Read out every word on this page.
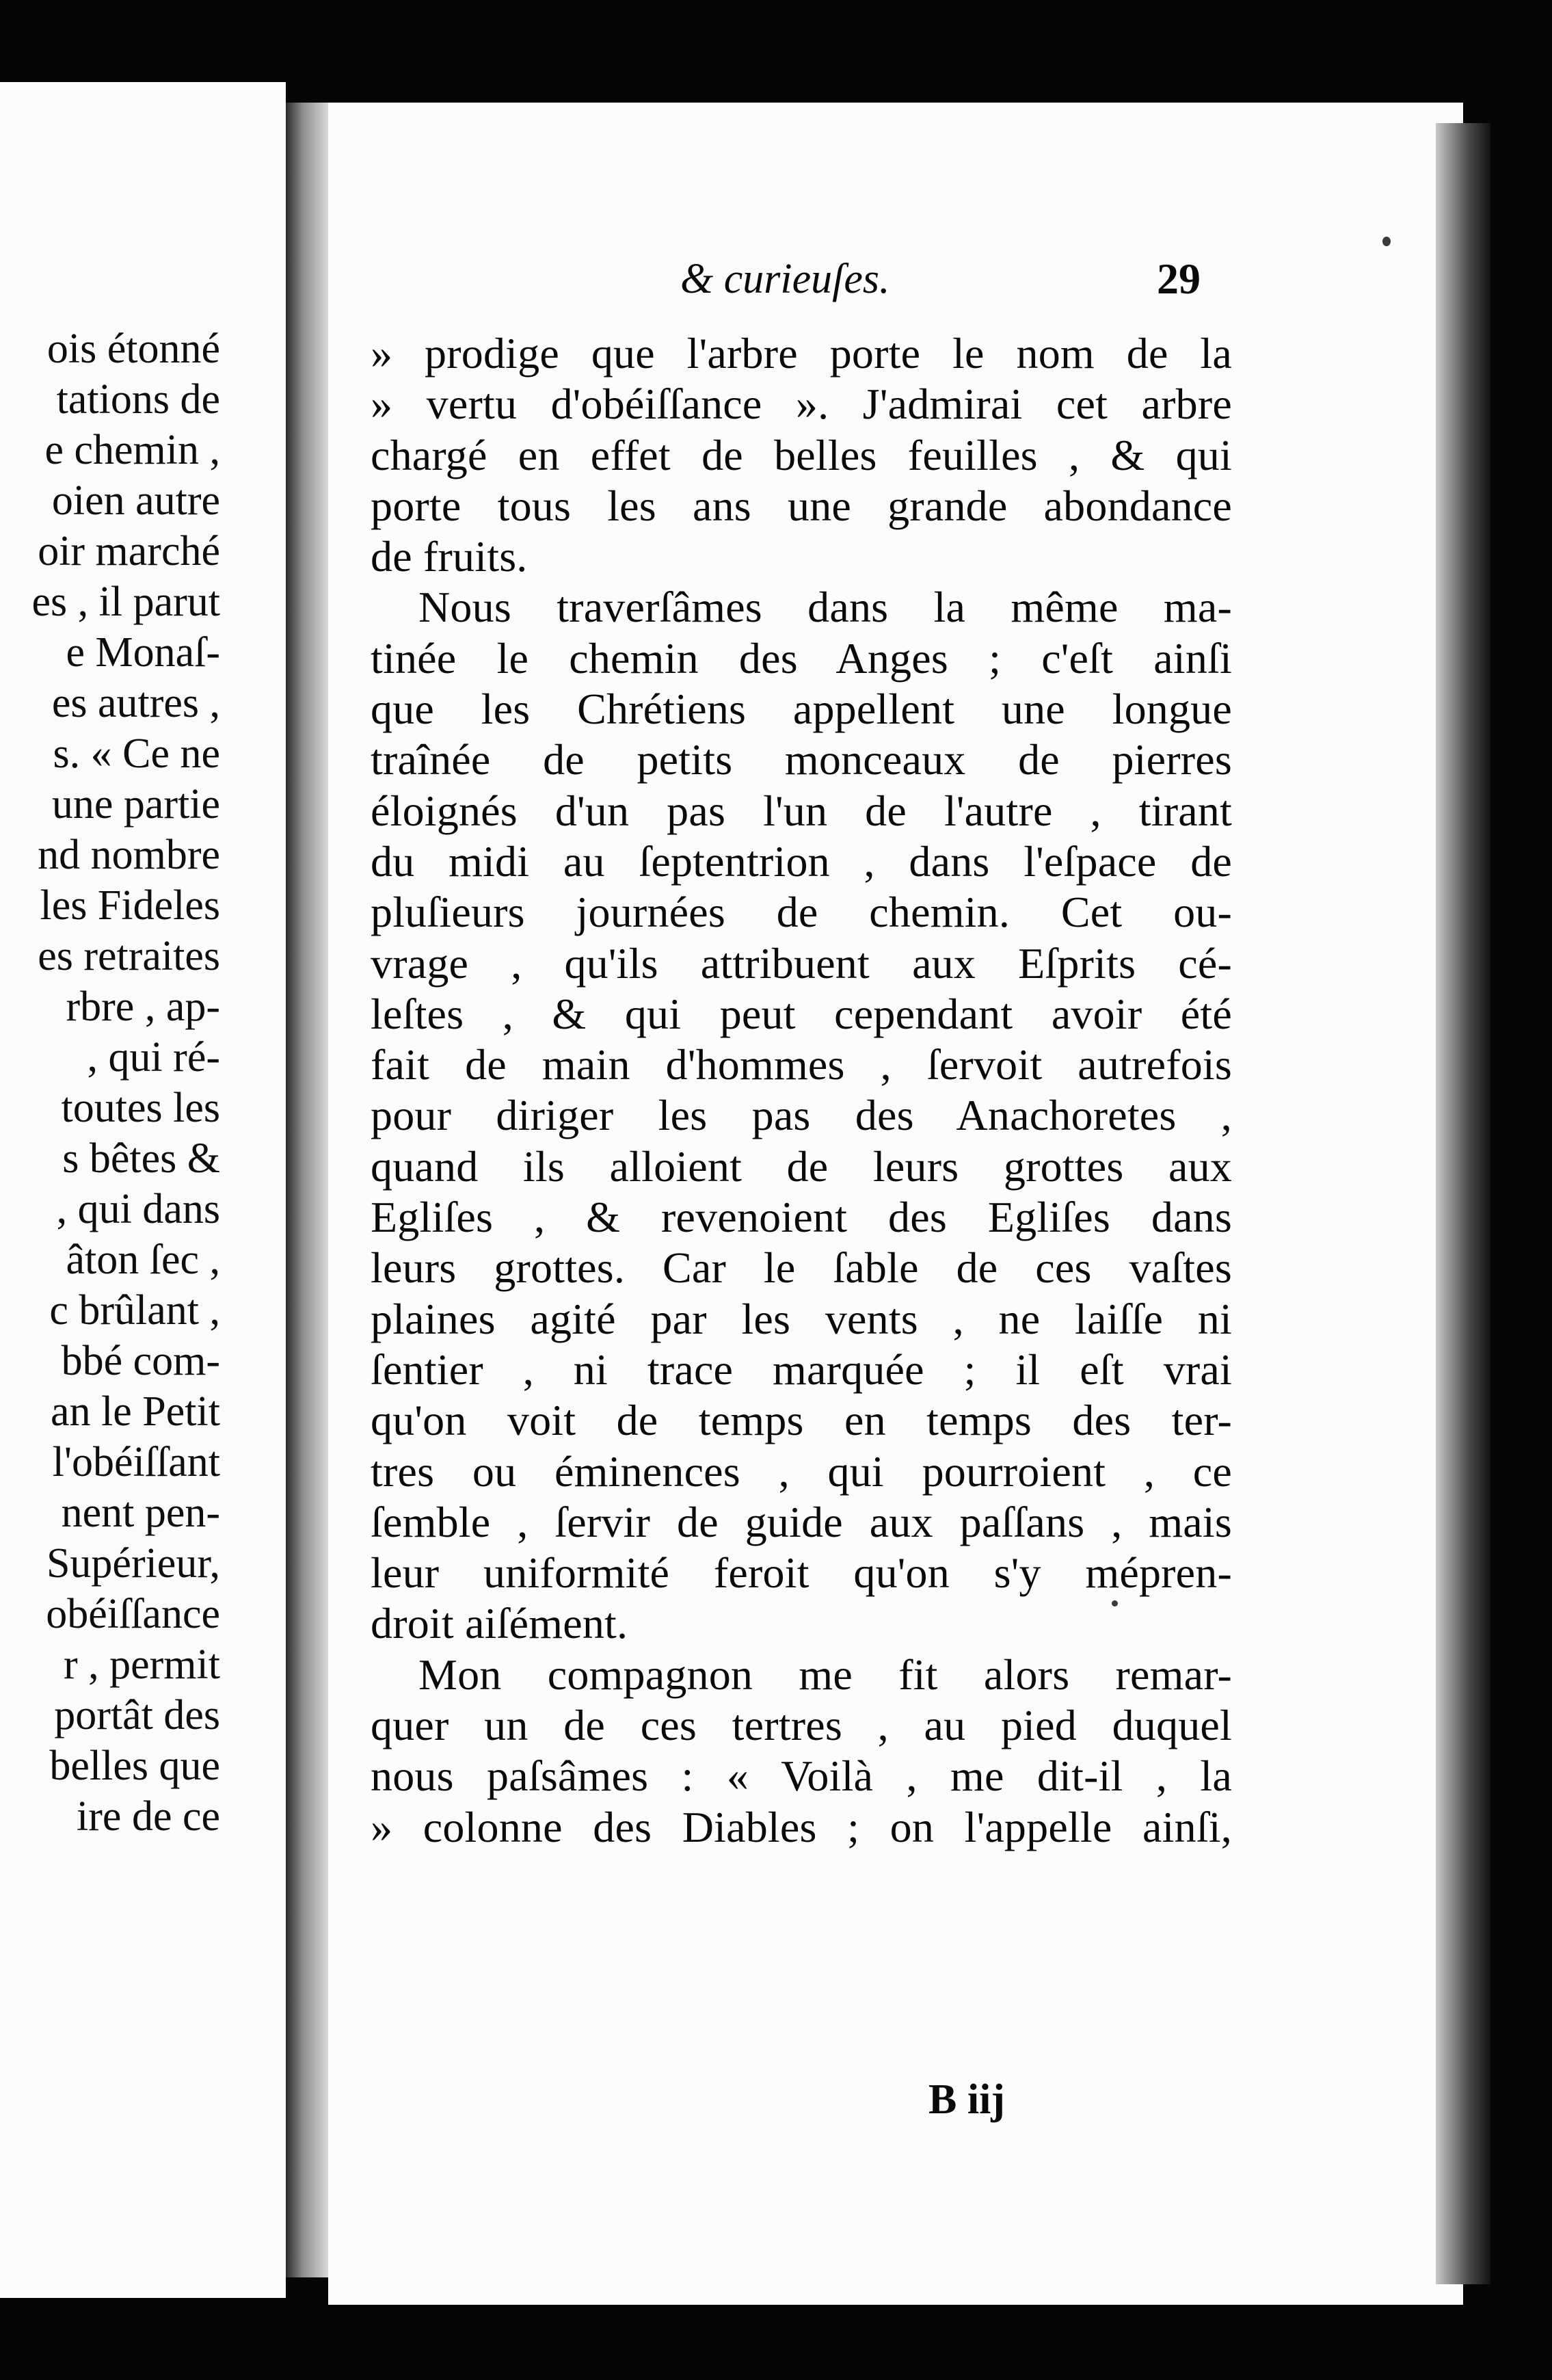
ois étonné
tations de
e chemin ,
oien autre
oir marché
es , il parut
e Monaſ-
es autres ,
s. « Ce ne
une partie
nd nombre
les Fideles
es retraites
rbre , ap-
, qui ré-
toutes les
s bêtes &
, qui dans
âton ſec ,
c brûlant ,
bbé com-
an le Petit
l'obéiſſant
nent pen-
Supérieur,
obéiſſance
r , permit
portât des
belles que
ire de ce
& curieuſes.	29
» prodige que l'arbre porte le nom de la
» vertu d'obéiſſance ». J'admirai cet arbre
chargé en effet de belles feuilles , & qui
porte tous les ans une grande abondance
de fruits.
Nous traverſâmes dans la même ma-
tinée le chemin des Anges ; c'eſt ainſi
que les Chrétiens appellent une longue
traînée de petits monceaux de pierres
éloignés d'un pas l'un de l'autre , tirant
du midi au ſeptentrion , dans l'eſpace de
pluſieurs journées de chemin. Cet ou-
vrage , qu'ils attribuent aux Eſprits cé-
leſtes , & qui peut cependant avoir été
fait de main d'hommes , ſervoit autrefois
pour diriger les pas des Anachoretes ,
quand ils alloient de leurs grottes aux
Egliſes , & revenoient des Egliſes dans
leurs grottes. Car le ſable de ces vaſtes
plaines agité par les vents , ne laiſſe ni
ſentier , ni trace marquée ; il eſt vrai
qu'on voit de temps en temps des ter-
tres ou éminences , qui pourroient , ce
ſemble , ſervir de guide aux paſſans , mais
leur uniformité feroit qu'on s'y mépren-
droit aiſément.
Mon compagnon me fit alors remar-
quer un de ces tertres , au pied duquel
nous paſsâmes : « Voilà , me dit-il , la
» colonne des Diables ; on l'appelle ainſi,
B iij
